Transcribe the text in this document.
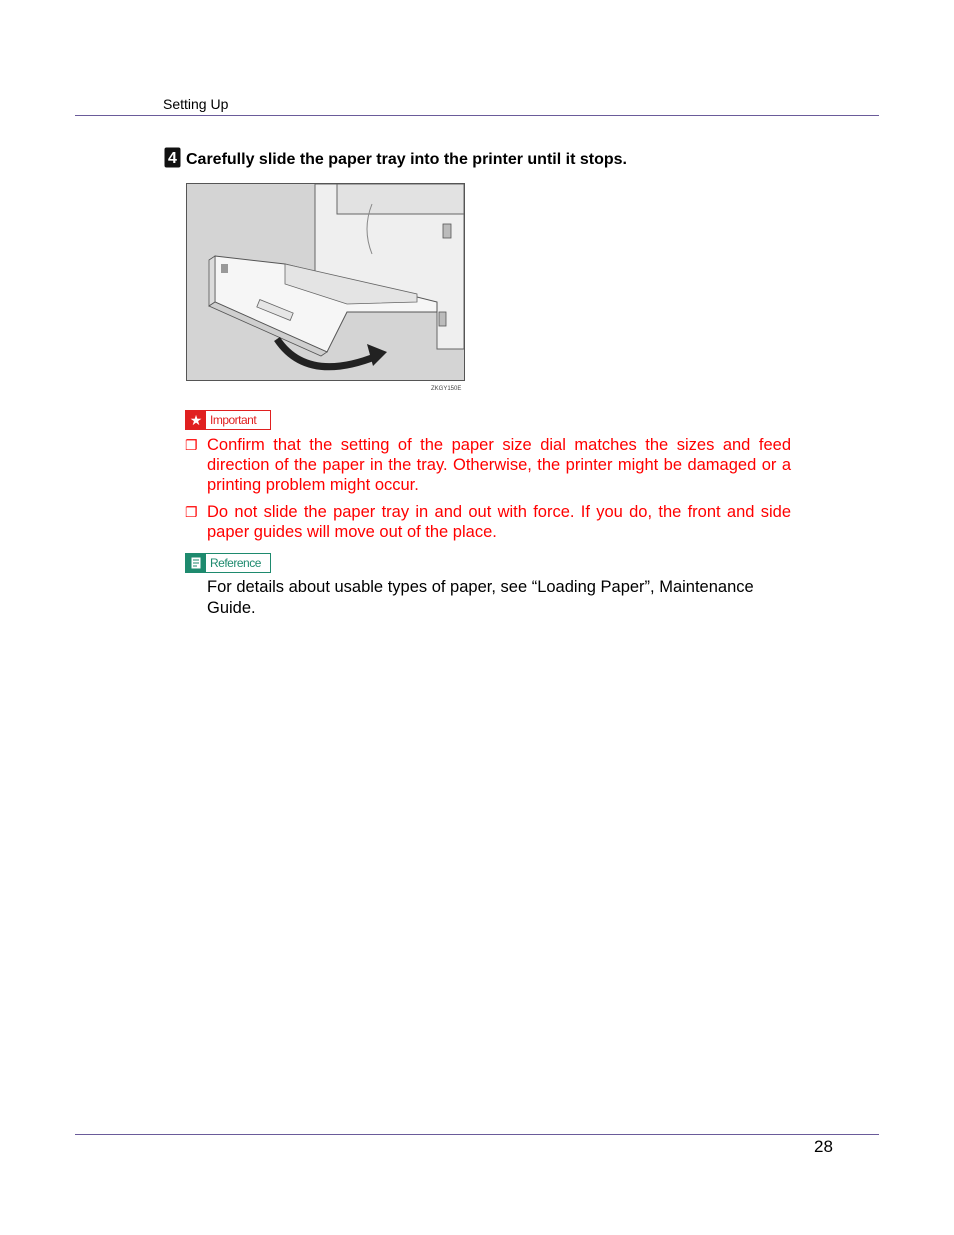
Setting Up
4 Carefully slide the paper tray into the printer until it stops.
ZKGY150E
★ Important
❐ Confirm that the setting of the paper size dial matches the sizes and feed direction of the paper in the tray. Otherwise, the printer might be damaged or a printing problem might occur.
❐ Do not slide the paper tray in and out with force. If you do, the front and side paper guides will move out of the place.
Reference
For details about usable types of paper, see “Loading Paper”, Maintenance Guide.
28
